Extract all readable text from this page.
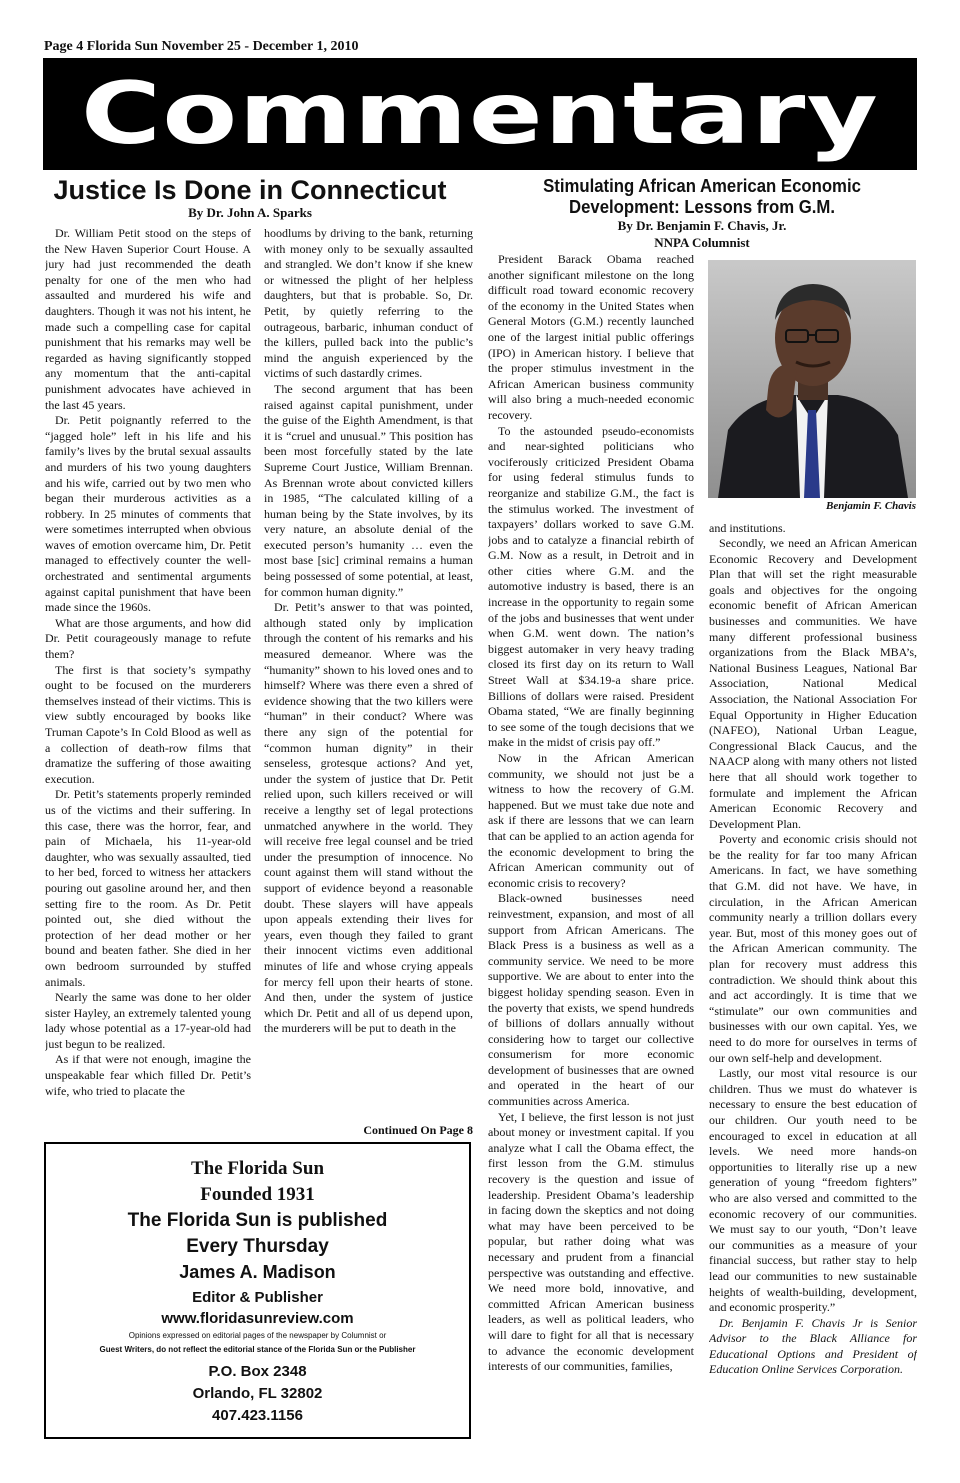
Page 4 Florida Sun November 25 - December 1, 2010
Commentary
Justice Is Done in Connecticut
By Dr. John A. Sparks

Dr. William Petit stood on the steps of the New Haven Superior Court House. A jury had just recommended the death penalty for one of the men who had assaulted and murdered his wife and daughters. Though it was not his intent, he made such a compelling case for capital punishment that his remarks may well be regarded as having significantly stopped any momentum that the anti-capital punishment advocates have achieved in the last 45 years.

Dr. Petit poignantly referred to the “jagged hole” left in his life and his family’s lives by the brutal sexual assaults and murders of his two young daughters and his wife, carried out by two men who began their murderous activities as a robbery. In 25 minutes of comments that were sometimes interrupted when obvious waves of emotion overcame him, Dr. Petit managed to effectively counter the well-orchestrated and sentimental arguments against capital punishment that have been made since the 1960s.

What are those arguments, and how did Dr. Petit courageously manage to refute them?

The first is that society’s sympathy ought to be focused on the murderers themselves instead of their victims. This is view subtly encouraged by books like Truman Capote’s In Cold Blood as well as a collection of death-row films that dramatize the suffering of those awaiting execution.

Dr. Petit’s statements properly reminded us of the victims and their suffering. In this case, there was the horror, fear, and pain of Michaela, his 11-year-old daughter, who was sexually assaulted, tied to her bed, forced to witness her attackers pouring out gasoline around her, and then setting fire to the room. As Dr. Petit pointed out, she died without the protection of her dead mother or her bound and beaten father. She died in her own bedroom surrounded by stuffed animals.

Nearly the same was done to her older sister Hayley, an extremely talented young lady whose potential as a 17-year-old had just begun to be realized.

As if that were not enough, imagine the unspeakable fear which filled Dr. Petit’s wife, who tried to placate the

hoodlums by driving to the bank, returning with money only to be sexually assaulted and strangled. We don’t know if she knew or witnessed the plight of her helpless daughters, but that is probable. So, Dr. Petit, by quietly referring to the outrageous, barbaric, inhuman conduct of the killers, pulled back into the public’s mind the anguish experienced by the victims of such dastardly crimes.

The second argument that has been raised against capital punishment, under the guise of the Eighth Amendment, is that it is “cruel and unusual.” This position has been most forcefully stated by the late Supreme Court Justice, William Brennan. As Brennan wrote about convicted killers in 1985, “The calculated killing of a human being by the State involves, by its very nature, an absolute denial of the executed person’s humanity … even the most base [sic] criminal remains a human being possessed of some potential, at least, for common human dignity.”

Dr. Petit’s answer to that was pointed, although stated only by implication through the content of his remarks and his measured demeanor. Where was the “humanity” shown to his loved ones and to himself? Where was there even a shred of evidence showing that the two killers were “human” in their conduct? Where was there any sign of the potential for “common human dignity” in their senseless, grotesque actions? And yet, under the system of justice that Dr. Petit relied upon, such killers received or will receive a lengthy set of legal protections unmatched anywhere in the world. They will receive free legal counsel and be tried under the presumption of innocence. No count against them will stand without the support of evidence beyond a reasonable doubt. These slayers will have appeals upon appeals extending their lives for years, even though they failed to grant their innocent victims even additional minutes of life and whose crying appeals for mercy fell upon their hearts of stone. And then, under the system of justice which Dr. Petit and all of us depend upon, the murderers will be put to death in the

Continued On Page 8
Stimulating African American Economic Development: Lessons from G.M.
By Dr. Benjamin F. Chavis, Jr.
NNPA Columnist

President Barack Obama reached another significant milestone on the long difficult road toward economic recovery of the economy in the United States when General Motors (G.M.) recently launched one of the largest initial public offerings (IPO) in American history. I believe that the proper stimulus investment in the African American business community will also bring a much-needed economic recovery.

To the astounded pseudo-economists and near-sighted politicians who vociferously criticized President Obama for using federal stimulus funds to reorganize and stabilize G.M., the fact is the stimulus worked. The investment of taxpayers’ dollars worked to save G.M. jobs and to catalyze a financial rebirth of G.M. Now as a result, in Detroit and in other cities where G.M. and the automotive industry is based, there is an increase in the opportunity to regain some of the jobs and businesses that went under when G.M. went down. The nation’s biggest automaker in very heavy trading closed its first day on its return to Wall Street Wall at $34.19-a share price. Billions of dollars were raised. President Obama stated, “We are finally beginning to see some of the tough decisions that we make in the midst of crisis pay off.”

Now in the African American community, we should not just be a witness to how the recovery of G.M. happened. But we must take due note and ask if there are lessons that we can learn that can be applied to an action agenda for the economic development to bring the African American community out of economic crisis to recovery?

Black-owned businesses need reinvestment, expansion, and most of all support from African Americans. The Black Press is a business as well as a community service. We need to be more supportive. We are about to enter into the biggest holiday spending season. Even in the poverty that exists, we spend hundreds of billions of dollars annually without considering how to target our collective consumerism for more economic development of businesses that are owned and operated in the heart of our communities across America.

Yet, I believe, the first lesson is not just about money or investment capital. If you analyze what I call the Obama effect, the first lesson from the G.M. stimulus recovery is the question and issue of leadership. President Obama’s leadership in facing down the skeptics and not doing what may have been perceived to be popular, but rather doing what was necessary and prudent from a financial perspective was outstanding and effective. We need more bold, innovative, and committed African American business leaders, as well as political leaders, who will dare to fight for all that is necessary to advance the economic development interests of our communities, families,

Benjamin F. Chavis

and institutions.

Secondly, we need an African American Economic Recovery and Development Plan that will set the right measurable goals and objectives for the ongoing economic benefit of African American businesses and communities. We have many different professional business organizations from the Black MBA’s, National Business Leagues, National Bar Association, National Medical Association, the National Association For Equal Opportunity in Higher Education (NAFEO), National Urban League, Congressional Black Caucus, and the NAACP along with many others not listed here that all should work together to formulate and implement the African American Economic Recovery and Development Plan.

Poverty and economic crisis should not be the reality for far too many African Americans. In fact, we have something that G.M. did not have. We have, in circulation, in the African American community nearly a trillion dollars every year. But, most of this money goes out of the African American community. The plan for recovery must address this contradiction. We should think about this and act accordingly. It is time that we “stimulate” our own communities and businesses with our own capital. Yes, we need to do more for ourselves in terms of our own self-help and development.

Lastly, our most vital resource is our children. Thus we must do whatever is necessary to ensure the best education of our children. Our youth need to be encouraged to excel in education at all levels. We need more hands-on opportunities to literally rise up a new generation of young “freedom fighters” who are also versed and committed to the economic recovery of our communities. We must say to our youth, “Don’t leave our communities as a measure of your financial success, but rather stay to help lead our communities to new sustainable heights of wealth-building, development, and economic prosperity.”

Dr. Benjamin F. Chavis Jr is Senior Advisor to the Black Alliance for Educational Options and President of Education Online Services Corporation.

The Florida Sun
Founded 1931
The Florida Sun is published
Every Thursday
James A. Madison
Editor & Publisher
www.floridasunreview.com
Opinions expressed on editorial pages of the newspaper by Columnist or
Guest Writers, do not reflect the editorial stance of the Florida Sun or the Publisher
P.O. Box 2348
Orlando, FL 32802
407.423.1156
